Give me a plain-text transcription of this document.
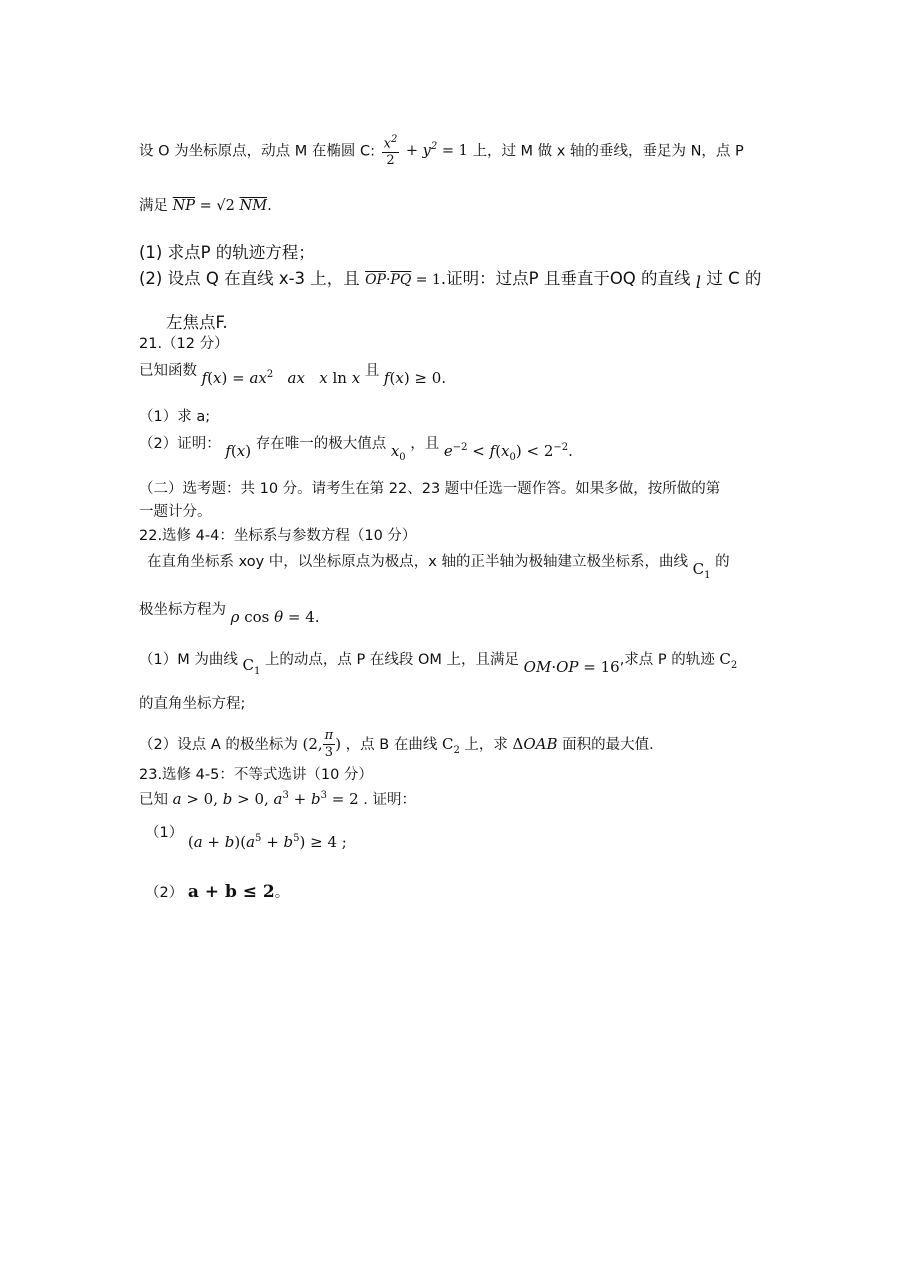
设 O 为坐标原点，动点 M 在椭圆 C: $\frac{x^2}{2} + y^2 = 1$ 上，过 M 做 x 轴的垂线，垂足为 N，点 P
满足 $\overline{NP} = √2$ $\overline{NM}$.
(1) 求点P 的轨迹方程；
(2) 设点 Q 在直线 x-3 上，且 $\overline{OP}\cdot\overline{PQ} = 1$.证明：过点P 且垂直于OQ 的直线 l 过 C 的
左焦点F.
21.（12 分）
已知函数 $f(x) = ax^2$   ax   x ln x 且 f(x) ≥ 0.
（1）求 a;
（2）证明： f(x) 存在唯一的极大值点 $x_0$ ，且 $e^{-2} < f(x_0) < 2^{-2}$.
（二）选考题：共 10 分。请考生在第 22、23 题中任选一题作答。如果多做，按所做的第
一题计分。
22.选修 4-4：坐标系与参数方程（10 分）
在直角坐标系 xoy 中，以坐标原点为极点，x 轴的正半轴为极轴建立极坐标系，曲线 $C_1$ 的
极坐标方程为 ρ cos θ = 4.
（1）M 为曲线 $C_1$ 上的动点，点 P 在线段 OM 上，且满足 OM·OP = 16,求点 P 的轨迹 $C_2$
的直角坐标方程;
（2）设点 A 的极坐标为 (2, $\frac{\pi}{3}$ ) ，点 B 在曲线 $C_2$ 上，求 ΔOAB 面积的最大值.
23.选修 4-5：不等式选讲（10 分）
已知 a > 0, b > 0, $a^3 + b^3 = 2$ . 证明：
（1） $(a + b)(a^5 + b^5) \ge 4$ ;
（2） a + b ≤ 2。
